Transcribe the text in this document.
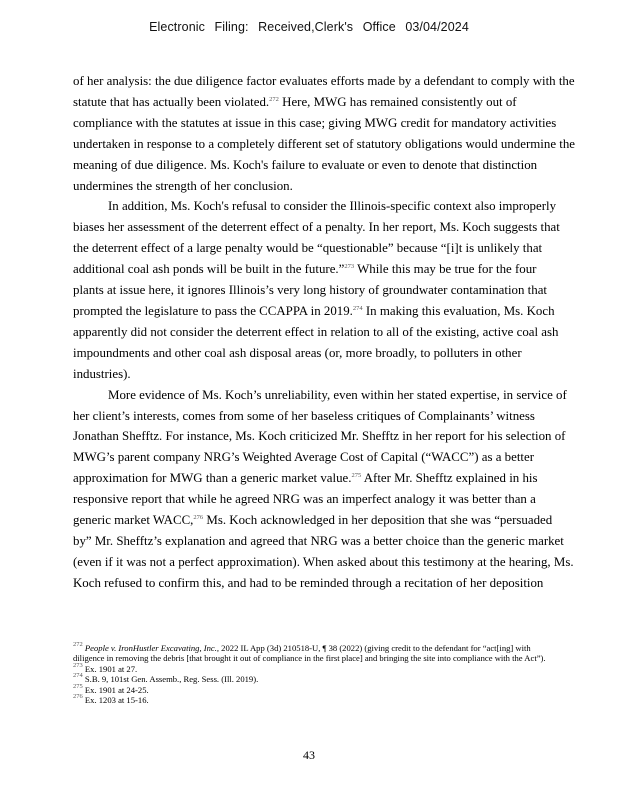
Electronic Filing: Received,Clerk's Office 03/04/2024

of her analysis: the due diligence factor evaluates efforts made by a defendant to comply with the
statute that has actually been violated.$^{272}$ Here, MWG has remained consistently out of
compliance with the statutes at issue in this case; giving MWG credit for mandatory activities
undertaken in response to a completely different set of statutory obligations would undermine the
meaning of due diligence. Ms. Koch's failure to evaluate or even to denote that distinction
undermines the strength of her conclusion.

In addition, Ms. Koch's refusal to consider the Illinois-specific context also improperly
biases her assessment of the deterrent effect of a penalty. In her report, Ms. Koch suggests that
the deterrent effect of a large penalty would be “questionable” because “[i]t is unlikely that
additional coal ash ponds will be built in the future.”$^{273}$ While this may be true for the four
plants at issue here, it ignores Illinois’s very long history of groundwater contamination that
prompted the legislature to pass the CCAPPA in 2019.$^{274}$ In making this evaluation, Ms. Koch
apparently did not consider the deterrent effect in relation to all of the existing, active coal ash
impoundments and other coal ash disposal areas (or, more broadly, to polluters in other
industries).

More evidence of Ms. Koch’s unreliability, even within her stated expertise, in service of
her client’s interests, comes from some of her baseless critiques of Complainants’ witness
Jonathan Shefftz. For instance, Ms. Koch criticized Mr. Shefftz in her report for his selection of
MWG’s parent company NRG’s Weighted Average Cost of Capital (“WACC”) as a better
approximation for MWG than a generic market value.$^{275}$ After Mr. Shefftz explained in his
responsive report that while he agreed NRG was an imperfect analogy it was better than a
generic market WACC,$^{276}$ Ms. Koch acknowledged in her deposition that she was “persuaded
by” Mr. Shefftz’s explanation and agreed that NRG was a better choice than the generic market
(even if it was not a perfect approximation). When asked about this testimony at the hearing, Ms.
Koch refused to confirm this, and had to be reminded through a recitation of her deposition

$^{272}$ People v. IronHustler Excavating, Inc., 2022 IL App (3d) 210518-U, ¶ 38 (2022) (giving credit to the defendant for “act[ing] with diligence in removing the debris [that brought it out of compliance in the first place] and bringing the site into compliance with the Act”).
$^{273}$ Ex. 1901 at 27.
$^{274}$ S.B. 9, 101st Gen. Assemb., Reg. Sess. (Ill. 2019).
$^{275}$ Ex. 1901 at 24-25.
$^{276}$ Ex. 1203 at 15-16.
43
